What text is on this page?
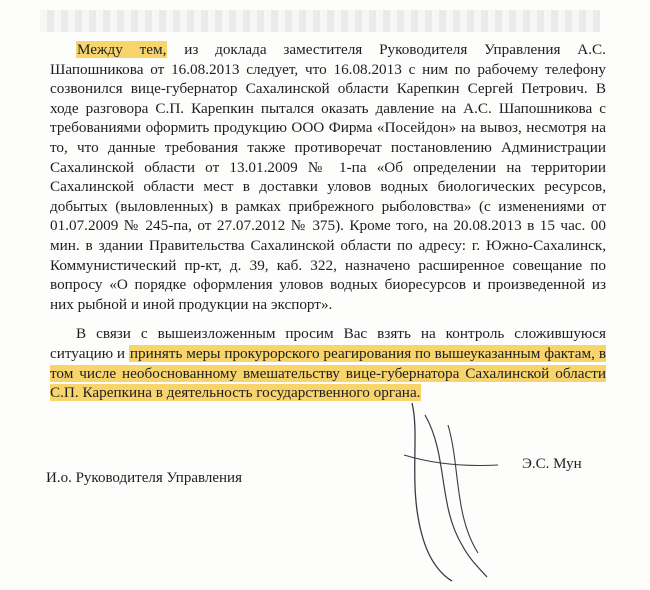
Между тем, из доклада заместителя Руководителя Управления А.С. Шапошникова от 16.08.2013 следует, что 16.08.2013 с ним по рабочему телефону созвонился вице-губернатор Сахалинской области Карепкин Сергей Петрович. В ходе разговора С.П. Карепкин пытался оказать давление на А.С. Шапошникова с требованиями оформить продукцию ООО Фирма «Посейдон» на вывоз, несмотря на то, что данные требования также противоречат постановлению Администрации Сахалинской области от 13.01.2009 № 1-па «Об определении на территории Сахалинской области мест в доставки уловов водных биологических ресурсов, добытых (выловленных) в рамках прибрежного рыболовства» (с изменениями от 01.07.2009 № 245-па, от 27.07.2012 № 375). Кроме того, на 20.08.2013 в 15 час. 00 мин. в здании Правительства Сахалинской области по адресу: г. Южно-Сахалинск, Коммунистический пр-кт, д. 39, каб. 322, назначено расширенное совещание по вопросу «О порядке оформления уловов водных биоресурсов и произведенной из них рыбной и иной продукции на экспорт».

В связи с вышеизложенным просим Вас взять на контроль сложившуюся ситуацию и принять меры прокурорского реагирования по вышеуказанным фактам, в том числе необоснованному вмешательству вице-губернатора Сахалинской области С.П. Карепкина в деятельность государственного органа.

И.о. Руководителя Управления
Э.С. Мун
